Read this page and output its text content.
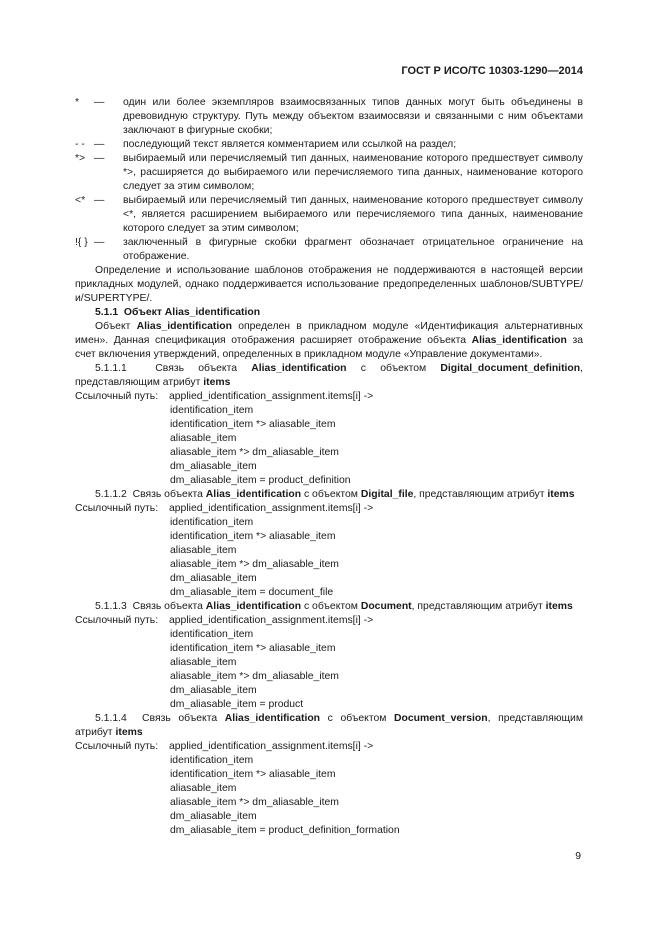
ГОСТ Р ИСО/ТС 10303-1290—2014
* — один или более экземпляров взаимосвязанных типов данных могут быть объединены в древовидную структуру. Путь между объектом взаимосвязи и связанными с ним объектами заключают в фигурные скобки;
- - — последующий текст является комментарием или ссылкой на раздел;
*> — выбираемый или перечисляемый тип данных, наименование которого предшествует символу *>, расширяется до выбираемого или перечисляемого типа данных, наименование которого следует за этим символом;
<* — выбираемый или перечисляемый тип данных, наименование которого предшествует символу <*, является расширением выбираемого или перечисляемого типа данных, наименование которого следует за этим символом;
!{ } — заключенный в фигурные скобки фрагмент обозначает отрицательное ограничение на отображение.
Определение и использование шаблонов отображения не поддерживаются в настоящей версии прикладных модулей, однако поддерживается использование предопределенных шаблонов/SUBTYPE/и/SUPERTYPE/.
5.1.1 Объект Alias_identification
Объект Alias_identification определен в прикладном модуле «Идентификация альтернативных имен». Данная спецификация отображения расширяет отображение объекта Alias_identification за счет включения утверждений, определенных в прикладном модуле «Управление документами».
5.1.1.1	Связь объекта Alias_identification с объектом Digital_document_definition, представляющим атрибут items
Ссылочный путь:	applied_identification_assignment.items[i] ->
identification_item
identification_item *> aliasable_item
aliasable_item
aliasable_item *> dm_aliasable_item
dm_aliasable_item
dm_aliasable_item = product_definition
5.1.1.2 Связь объекта Alias_identification с объектом Digital_file, представляющим атрибут items
Ссылочный путь:	applied_identification_assignment.items[i] ->
identification_item
identification_item *> aliasable_item
aliasable_item
aliasable_item *> dm_aliasable_item
dm_aliasable_item
dm_aliasable_item = document_file
5.1.1.3 Связь объекта Alias_identification с объектом Document, представляющим атрибут items
Ссылочный путь:	applied_identification_assignment.items[i] ->
identification_item
identification_item *> aliasable_item
aliasable_item
aliasable_item *> dm_aliasable_item
dm_aliasable_item
dm_aliasable_item = product
5.1.1.4 Связь объекта Alias_identification с объектом Document_version, представляющим атрибут items
Ссылочный путь:	applied_identification_assignment.items[i] ->
identification_item
identification_item *> aliasable_item
aliasable_item
aliasable_item *> dm_aliasable_item
dm_aliasable_item
dm_aliasable_item = product_definition_formation
9
